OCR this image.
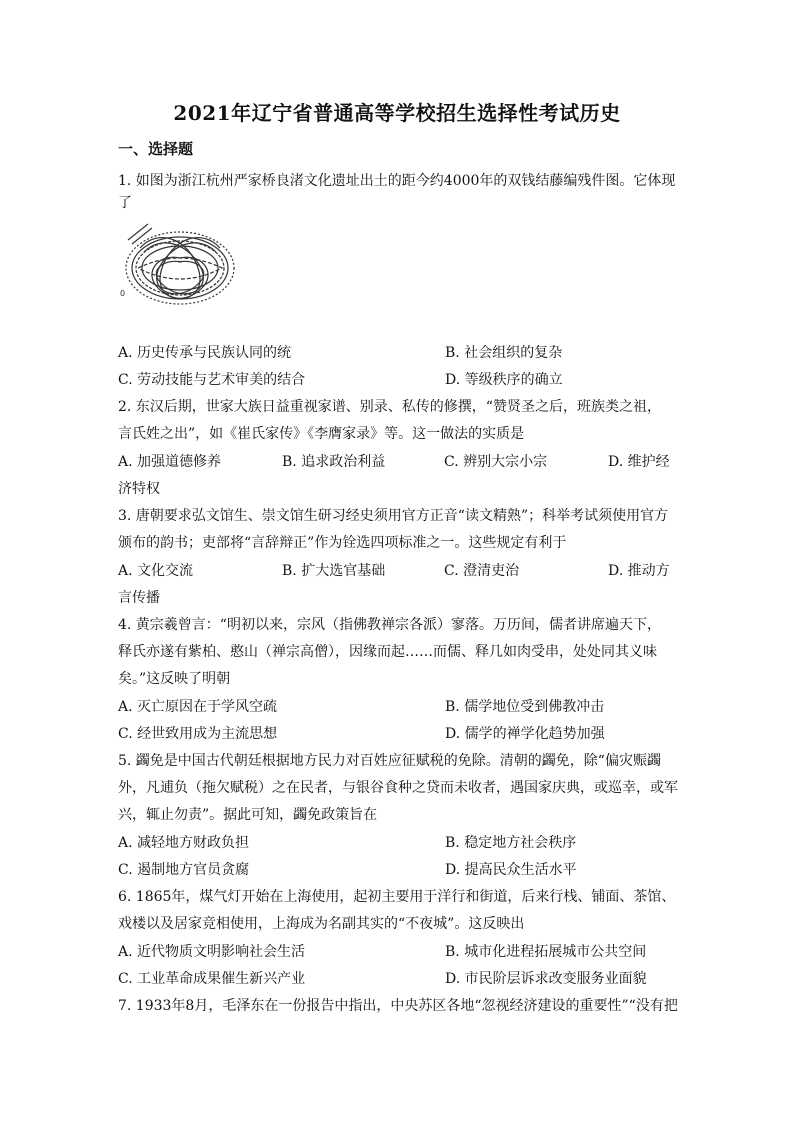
2021年辽宁省普通高等学校招生选择性考试历史
一、选择题
1. 如图为浙江杭州严家桥良渚文化遗址出土的距今约4000年的双钱结藤编残件图。它体现
了
0
A. 历史传承与民族认同的统	B. 社会组织的复杂
C. 劳动技能与艺术审美的结合	D. 等级秩序的确立
2. 东汉后期，世家大族日益重视家谱、别录、私传的修撰，“赞贤圣之后，班族类之祖，
言氏姓之出”，如《崔氏家传》《李膺家录》等。这一做法的实质是
A. 加强道德修养	B. 追求政治利益	C. 辨别大宗小宗	D. 维护经
济特权
3. 唐朝要求弘文馆生、崇文馆生研习经史须用官方正音“读文精熟”；科举考试须使用官方
颁布的韵书；吏部将“言辞辩正”作为铨选四项标准之一。这些规定有利于
A. 文化交流	B. 扩大选官基础	C. 澄清吏治	D. 推动方
言传播
4. 黄宗羲曾言：“明初以来，宗风（指佛教禅宗各派）寥落。万历间，儒者讲席遍天下，
释氏亦遂有紫柏、憨山（禅宗高僧），因缘而起……而儒、释几如肉受串，处处同其义味
矣。”这反映了明朝
A. 灭亡原因在于学风空疏	B. 儒学地位受到佛教冲击
C. 经世致用成为主流思想	D. 儒学的禅学化趋势加强
5. 蠲免是中国古代朝廷根据地方民力对百姓应征赋税的免除。清朝的蠲免，除“偏灾赈蠲
外，凡逋负（拖欠赋税）之在民者，与银谷食种之贷而未收者，遇国家庆典，或巡幸，或军
兴，辄止勿责”。据此可知，蠲免政策旨在
A. 减轻地方财政负担	B. 稳定地方社会秩序
C. 遏制地方官员贪腐	D. 提高民众生活水平
6. 1865年，煤气灯开始在上海使用，起初主要用于洋行和街道，后来行栈、铺面、茶馆、
戏楼以及居家竞相使用，上海成为名副其实的“不夜城”。这反映出
A. 近代物质文明影响社会生活	B. 城市化进程拓展城市公共空间
C. 工业革命成果催生新兴产业	D. 市民阶层诉求改变服务业面貌
7. 1933年8月，毛泽东在一份报告中指出，中央苏区各地“忽视经济建设的重要性”“没有把
